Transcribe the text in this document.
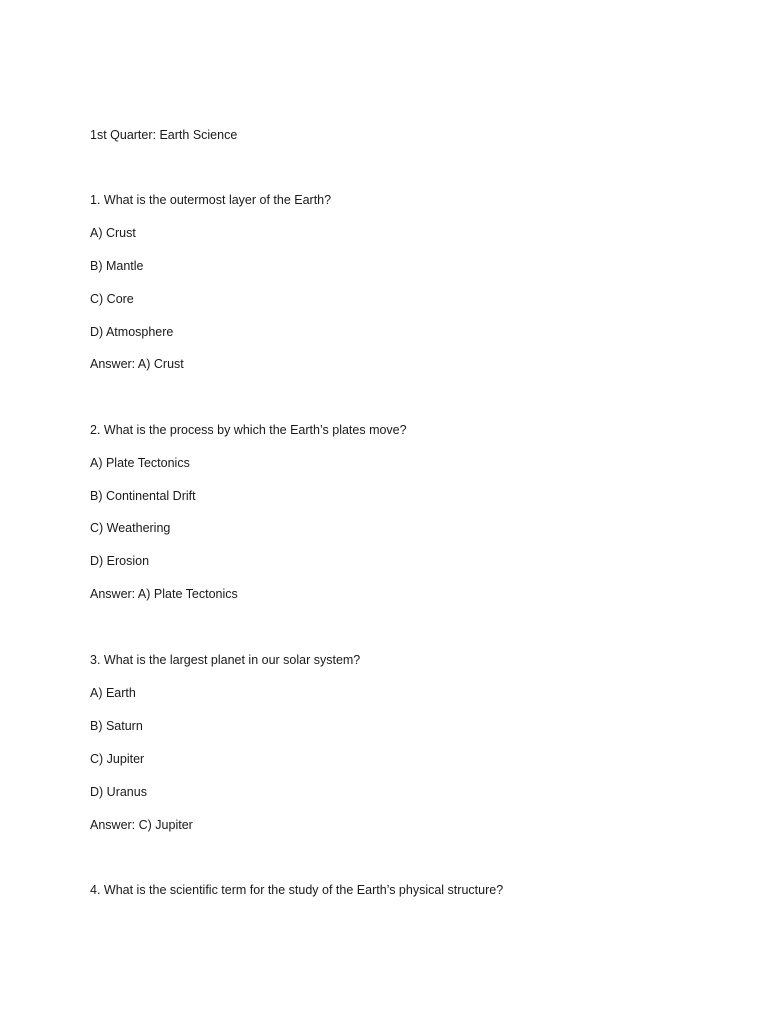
1st Quarter: Earth Science

1. What is the outermost layer of the Earth?

A) Crust

B) Mantle

C) Core

D) Atmosphere

Answer: A) Crust

2. What is the process by which the Earth’s plates move?

A) Plate Tectonics

B) Continental Drift

C) Weathering

D) Erosion

Answer: A) Plate Tectonics

3. What is the largest planet in our solar system?

A) Earth

B) Saturn

C) Jupiter

D) Uranus

Answer: C) Jupiter

4. What is the scientific term for the study of the Earth’s physical structure?
